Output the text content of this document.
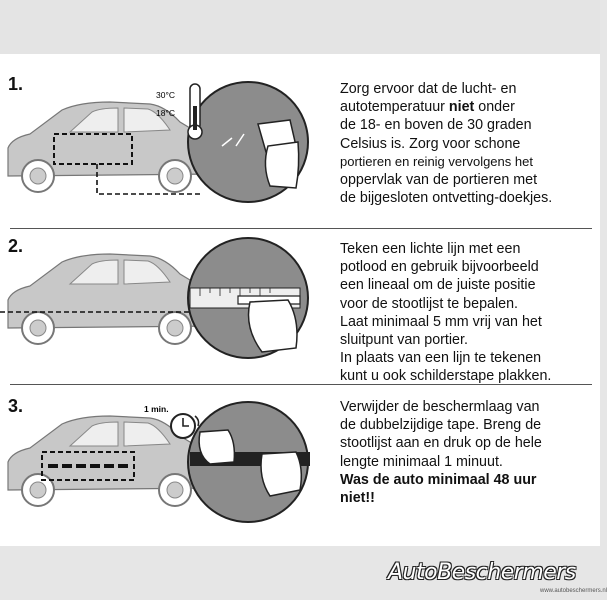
1.	Zorg ervoor dat de lucht- en
autotemperatuur niet onder
de 18- en boven de 30 graden
Celsius is. Zorg voor schone
portieren en reinig vervolgens het
oppervlak van de portieren met
de bijgesloten ontvetting-doekjes.
30°C
18°C
2.	Teken een lichte lijn met een
potlood en gebruik bijvoorbeeld
een lineaal om de juiste positie
voor de stootlijst te bepalen.
Laat minimaal 5 mm vrij van het
sluitpunt van portier.
In plaats van een lijn te tekenen
kunt u ook schilderstape plakken.
3.	Verwijder de beschermlaag van
de dubbelzijdige tape. Breng de
stootlijst aan en druk op de hele
lengte minimaal 1 minuut.
Was de auto minimaal 48 uur
niet!!
1 min.
AutoBeschermers
www.autobeschermers.nl
